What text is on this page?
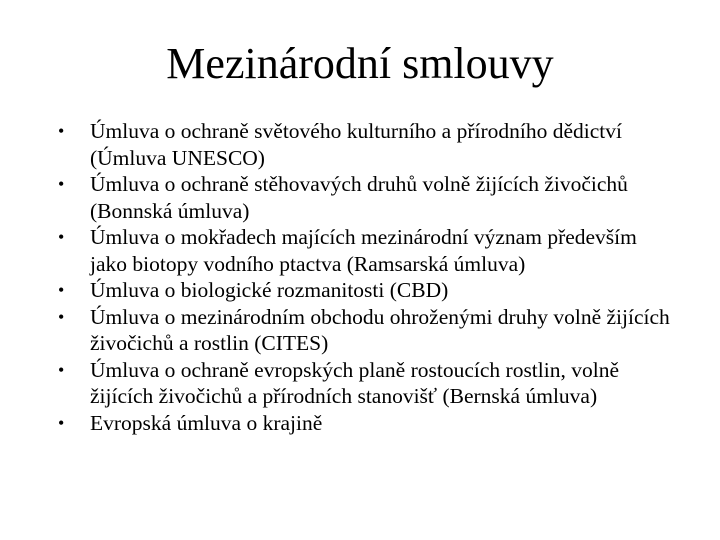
Mezinárodní smlouvy
•	Úmluva o ochraně světového kulturního a přírodního dědictví (Úmluva UNESCO)
•	Úmluva o ochraně stěhovavých druhů volně žijících živočichů (Bonnská úmluva)
•	Úmluva o mokřadech majících mezinárodní význam především jako biotopy vodního ptactva (Ramsarská úmluva)
•	Úmluva o biologické rozmanitosti (CBD)
•	Úmluva o mezinárodním obchodu ohroženými druhy volně žijících živočichů a rostlin (CITES)
•	Úmluva o ochraně evropských planě rostoucích rostlin, volně žijících živočichů a přírodních stanovišť (Bernská úmluva)
•	Evropská úmluva o krajině
